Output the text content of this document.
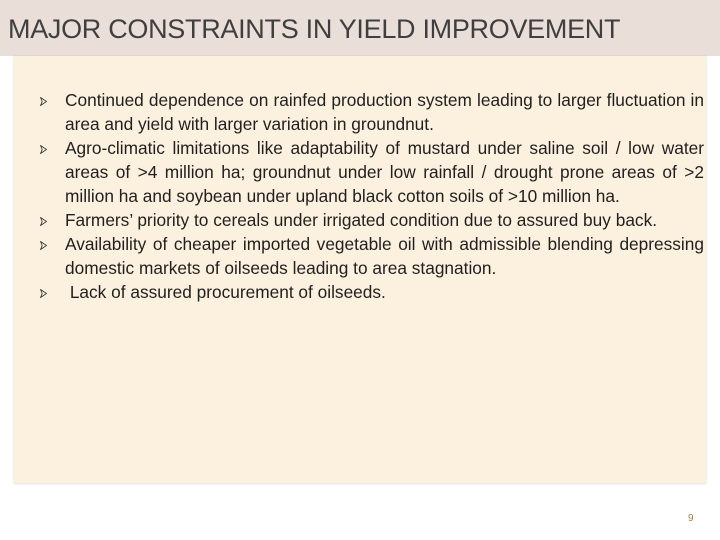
MAJOR CONSTRAINTS IN YIELD IMPROVEMENT
Continued dependence on rainfed production system leading to larger fluctuation in area and yield with larger variation in groundnut.
Agro-climatic limitations like adaptability of mustard under saline soil / low water areas of >4 million ha; groundnut under low rainfall / drought prone areas of >2 million ha and soybean under upland black cotton soils of >10 million ha.
Farmers’ priority to cereals under irrigated condition due to assured buy back.
Availability of cheaper imported vegetable oil with admissible blending depressing domestic markets of oilseeds leading to area stagnation.
Lack of assured procurement of oilseeds.
9
